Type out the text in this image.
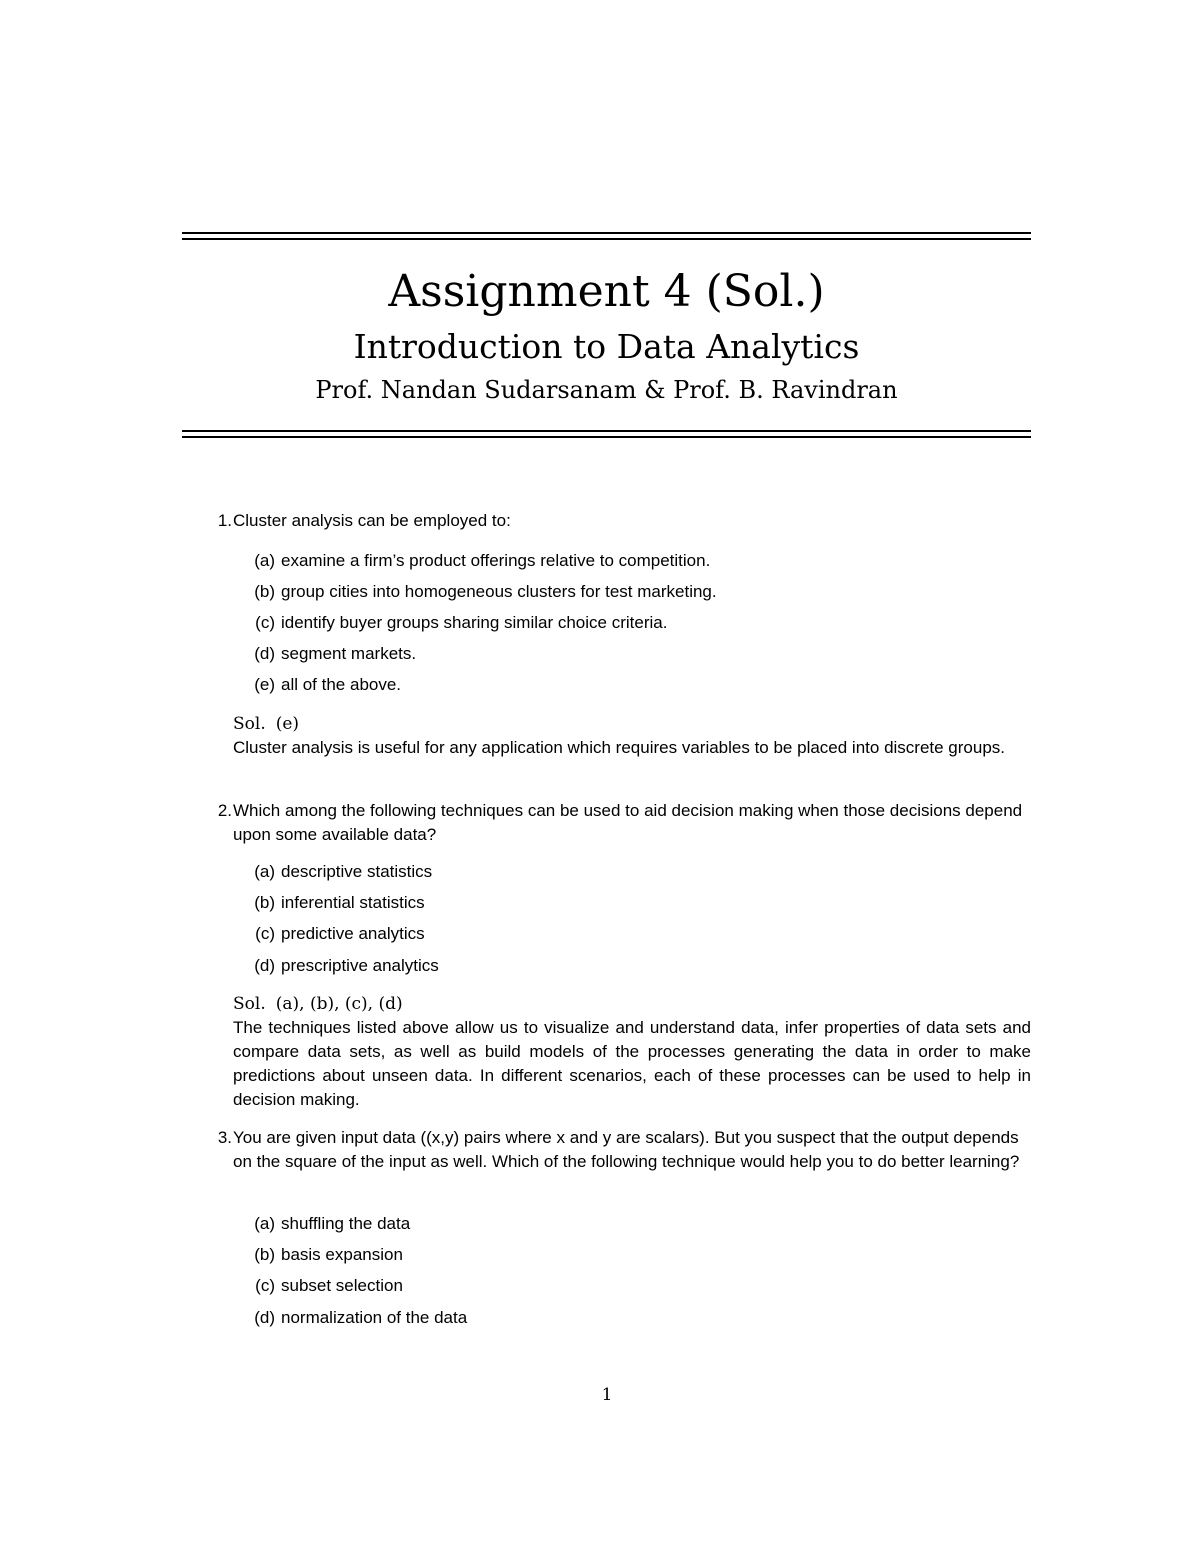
Assignment 4 (Sol.)
Introduction to Data Analytics
Prof. Nandan Sudarsanam & Prof. B. Ravindran
1. Cluster analysis can be employed to:
(a) examine a firm’s product offerings relative to competition.
(b) group cities into homogeneous clusters for test marketing.
(c) identify buyer groups sharing similar choice criteria.
(d) segment markets.
(e) all of the above.
Sol. (e)
Cluster analysis is useful for any application which requires variables to be placed into discrete groups.
2. Which among the following techniques can be used to aid decision making when those decisions depend upon some available data?
(a) descriptive statistics
(b) inferential statistics
(c) predictive analytics
(d) prescriptive analytics
Sol. (a), (b), (c), (d)
The techniques listed above allow us to visualize and understand data, infer properties of data sets and compare data sets, as well as build models of the processes generating the data in order to make predictions about unseen data. In different scenarios, each of these processes can be used to help in decision making.
3. You are given input data ((x,y) pairs where x and y are scalars). But you suspect that the output depends on the square of the input as well. Which of the following technique would help you to do better learning?
(a) shuffling the data
(b) basis expansion
(c) subset selection
(d) normalization of the data
1
